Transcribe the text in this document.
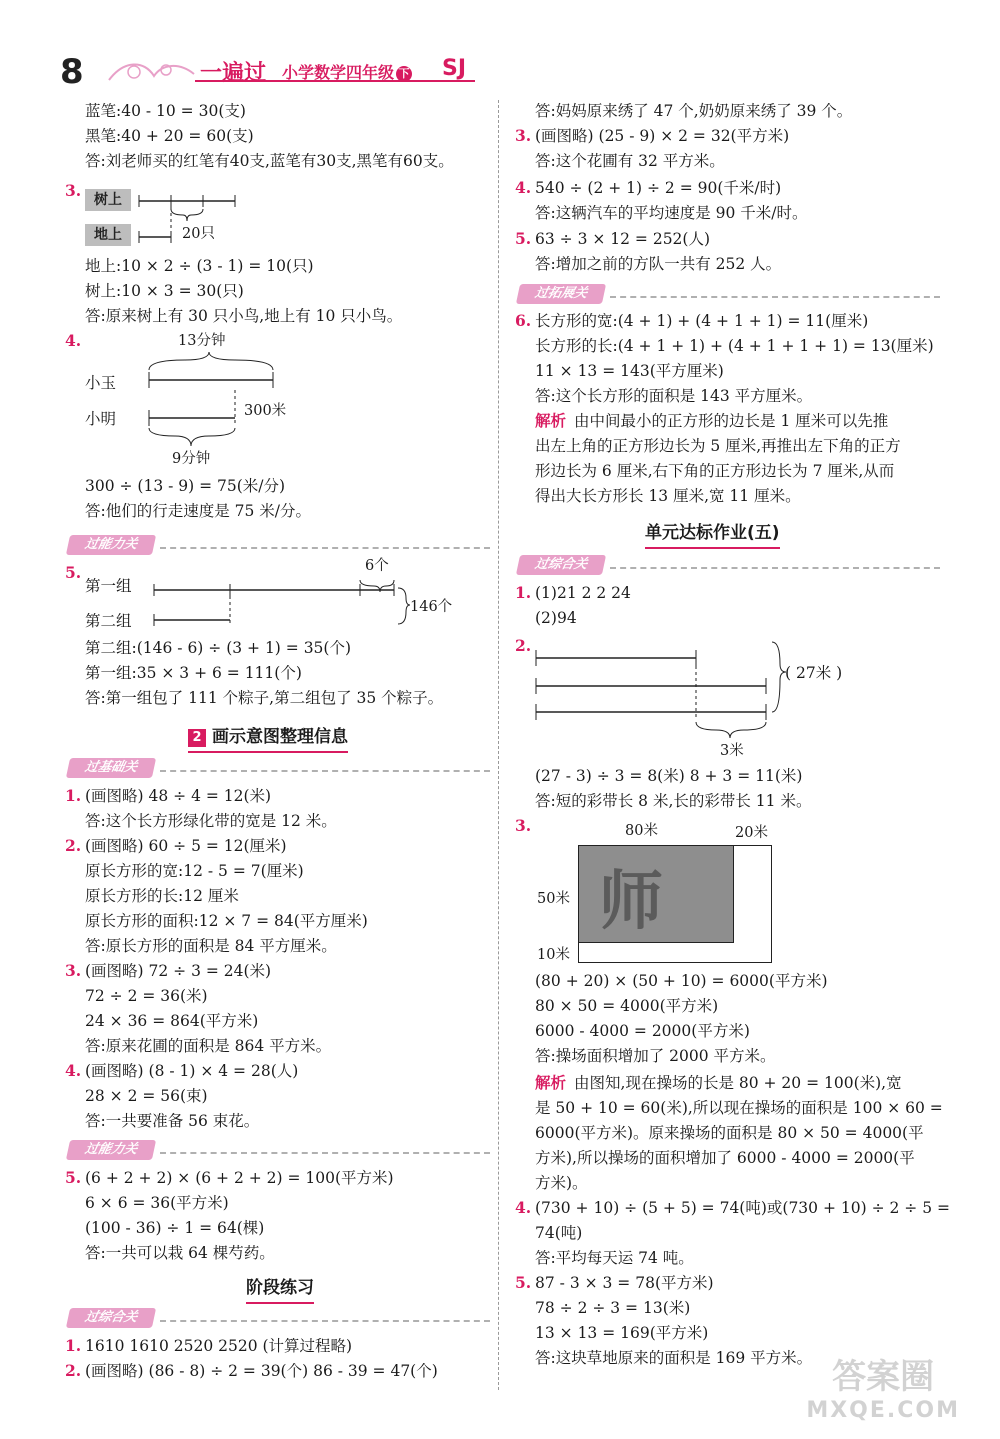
8	一遍过 小学数学四年级 下 SJ
蓝笔:40 - 10 = 30(支)
黑笔:40 + 20 = 60(支)
答:刘老师买的红笔有40支,蓝笔有30支,黑笔有60支。
3. 树上
地上	20只
地上:10 × 2 ÷ (3 - 1) = 10(只)
树上:10 × 3 = 30(只)
答:原来树上有 30 只小鸟,地上有 10 只小鸟。
4.	13分钟
小玉
小明	300米
9分钟
300 ÷ (13 - 9) = 75(米/分)
答:他们的行走速度是 75 米/分。
过能力关
5.
第一组
第二组
6个
146个
第二组:(146 - 6) ÷ (3 + 1) = 35(个)
第一组:35 × 3 + 6 = 111(个)
答:第一组包了 111 个粽子,第二组包了 35 个粽子。
2 画示意图整理信息
过基础关
1. (画图略) 48 ÷ 4 = 12(米)
答:这个长方形绿化带的宽是 12 米。
2. (画图略) 60 ÷ 5 = 12(厘米)
原长方形的宽:12 - 5 = 7(厘米)
原长方形的长:12 厘米
原长方形的面积:12 × 7 = 84(平方厘米)
答:原长方形的面积是 84 平方厘米。
3. (画图略) 72 ÷ 3 = 24(米)
72 ÷ 2 = 36(米)
24 × 36 = 864(平方米)
答:原来花圃的面积是 864 平方米。
4. (画图略) (8 - 1) × 4 = 28(人)
28 × 2 = 56(束)
答:一共要准备 56 束花。
过能力关
5. (6 + 2 + 2) × (6 + 2 + 2) = 100(平方米)
6 × 6 = 36(平方米)
(100 - 36) ÷ 1 = 64(棵)
答:一共可以栽 64 棵芍药。
阶段练习
过综合关
1. 1610 1610 2520 2520 (计算过程略)
2. (画图略) (86 - 8) ÷ 2 = 39(个) 86 - 39 = 47(个)
答:妈妈原来绣了 47 个,奶奶原来绣了 39 个。
3. (画图略) (25 - 9) × 2 = 32(平方米)
答:这个花圃有 32 平方米。
4. 540 ÷ (2 + 1) ÷ 2 = 90(千米/时)
答:这辆汽车的平均速度是 90 千米/时。
5. 63 ÷ 3 × 12 = 252(人)
答:增加之前的方队一共有 252 人。
过拓展关
6. 长方形的宽:(4 + 1) + (4 + 1 + 1) = 11(厘米)
长方形的长:(4 + 1 + 1) + (4 + 1 + 1 + 1) = 13(厘米)
11 × 13 = 143(平方厘米)
答:这个长方形的面积是 143 平方厘米。
解析 由中间最小的正方形的边长是 1 厘米可以先推
出左上角的正方形边长为 5 厘米,再推出左下角的正方
形边长为 6 厘米,右下角的正方形边长为 7 厘米,从而
得出大长方形长 13 厘米,宽 11 厘米。
单元达标作业(五)
过综合关
1. (1)21 2 2 24
(2)94
2.
( 27米 )
3米
(27 - 3) ÷ 3 = 8(米) 8 + 3 = 11(米)
答:短的彩带长 8 米,长的彩带长 11 米。
3.	80米	20米
50米
10米
师
(80 + 20) × (50 + 10) = 6000(平方米)
80 × 50 = 4000(平方米)
6000 - 4000 = 2000(平方米)
答:操场面积增加了 2000 平方米。
解析 由图知,现在操场的长是 80 + 20 = 100(米),宽
是 50 + 10 = 60(米),所以现在操场的面积是 100 × 60 =
6000(平方米)。原来操场的面积是 80 × 50 = 4000(平
方米),所以操场的面积增加了 6000 - 4000 = 2000(平
方米)。
4. (730 + 10) ÷ (5 + 5) = 74(吨)或(730 + 10) ÷ 2 ÷ 5 =
74(吨)
答:平均每天运 74 吨。
5. 87 - 3 × 3 = 78(平方米)
78 ÷ 2 ÷ 3 = 13(米)
13 × 13 = 169(平方米)
答:这块草地原来的面积是 169 平方米。 答案圈
MXQE.COM
